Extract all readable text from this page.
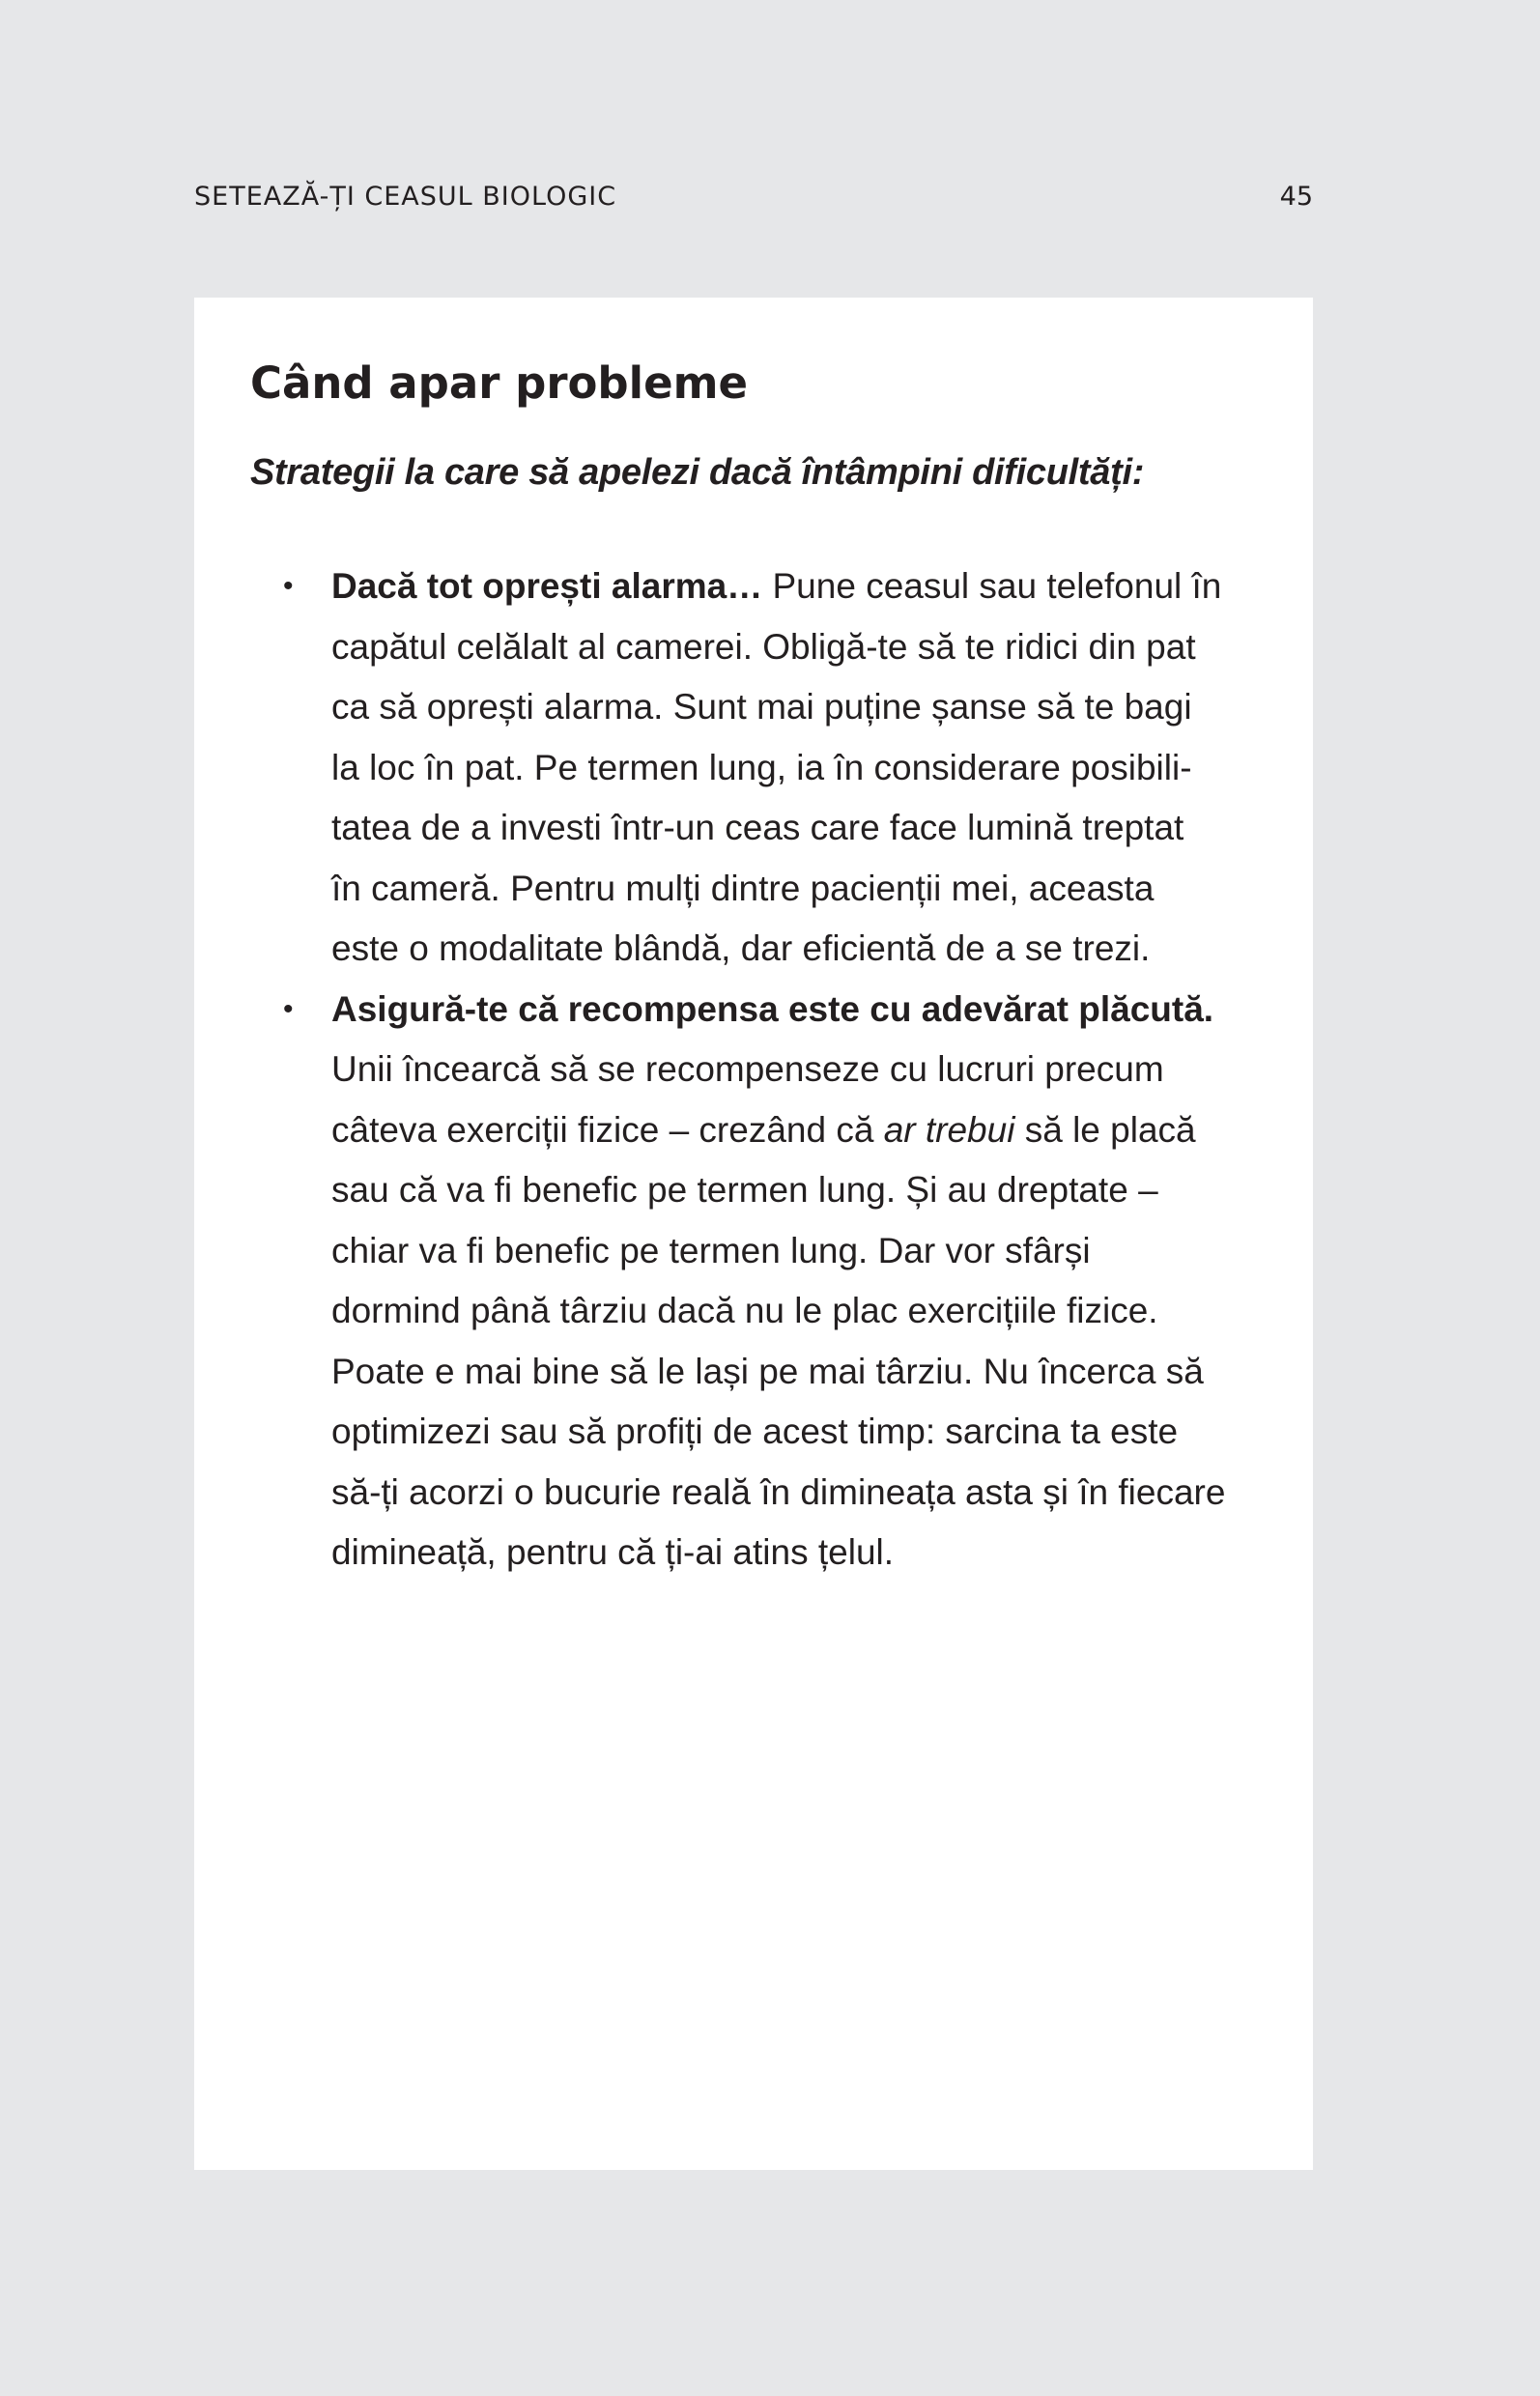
SETEAZĂ-ȚI CEASUL BIOLOGIC	45
Când apar probleme
Strategii la care să apelezi dacă întâmpini dificultăți:
• Dacă tot oprești alarma… Pune ceasul sau telefonul în
capătul celălalt al camerei. Obligă-te să te ridici din pat
ca să oprești alarma. Sunt mai puține șanse să te bagi
la loc în pat. Pe termen lung, ia în considerare posibili-
tatea de a investi într-un ceas care face lumină treptat
în cameră. Pentru mulți dintre pacienții mei, aceasta
este o modalitate blândă, dar eficientă de a se trezi.
• Asigură-te că recompensa este cu adevărat plăcută.
Unii încearcă să se recompenseze cu lucruri precum
câteva exerciții fizice – crezând că ar trebui să le placă
sau că va fi benefic pe termen lung. Și au dreptate –
chiar va fi benefic pe termen lung. Dar vor sfârși
dormind până târziu dacă nu le plac exercițiile fizice.
Poate e mai bine să le lași pe mai târziu. Nu încerca să
optimizezi sau să profiți de acest timp: sarcina ta este
să-ți acorzi o bucurie reală în dimineața asta și în fiecare
dimineață, pentru că ți-ai atins țelul.
